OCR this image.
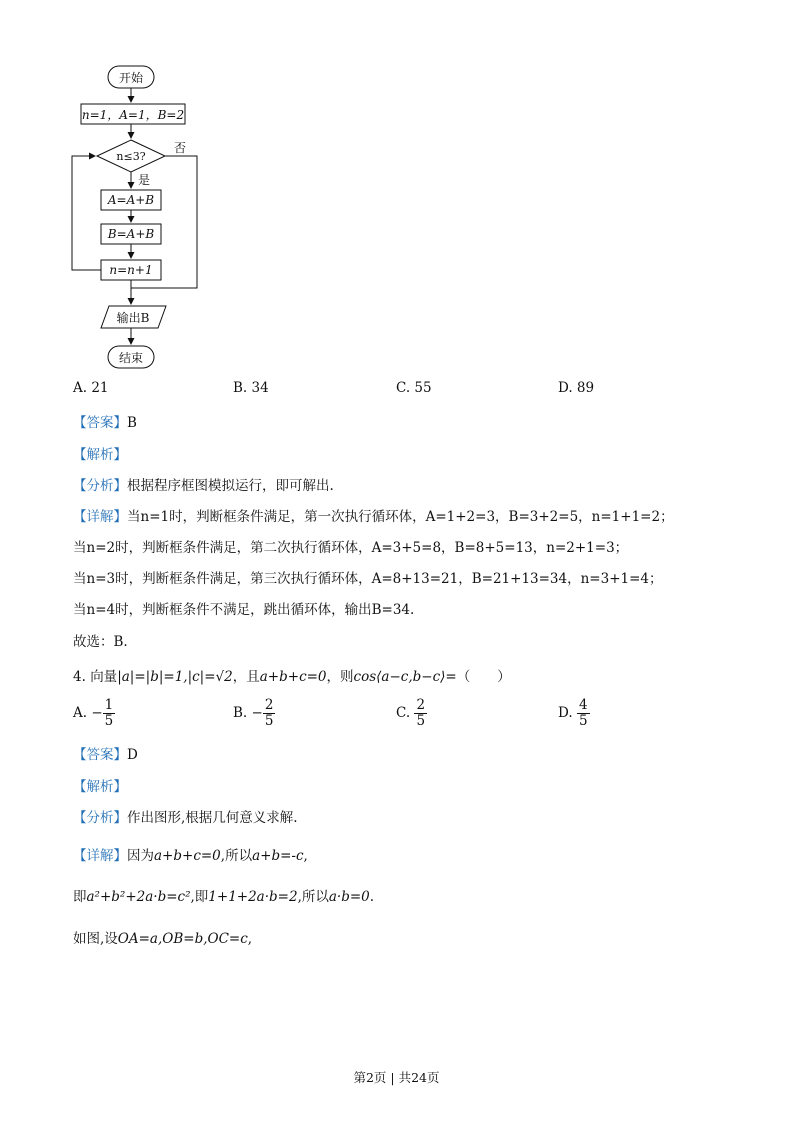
开始
n=1，A=1，B=2
n≤3?
否
是
A=A+B
B=A+B
n=n+1
输出B
结束
A. 21	B. 34	C. 55	D. 89
【答案】B
【解析】
【分析】根据程序框图模拟运行，即可解出.
【详解】当n=1时，判断框条件满足，第一次执行循环体，A=1+2=3，B=3+2=5，n=1+1=2；
当n=2时，判断框条件满足，第二次执行循环体，A=3+5=8，B=8+5=13，n=2+1=3；
当n=3时，判断框条件满足，第三次执行循环体，A=8+13=21，B=21+13=34，n=3+1=4；
当n=4时，判断框条件不满足，跳出循环体，输出B=34.
故选：B.
4. 向量|a|=|b|=1,|c|=√2，且a+b+c=0，则cos⟨a−c,b−c⟩=（　　）
A. − $\frac{1}{5}$	B. − $\frac{2}{5}$	C. $\frac{2}{5}$	D. $\frac{4}{5}$
【答案】D
【解析】
【分析】作出图形,根据几何意义求解.
【详解】因为a+b+c=0,所以a+b=-c,
即a²+b²+2a·b=c²,即1+1+2a·b=2,所以a·b=0.
如图,设OA=a,OB=b,OC=c,
第2页 | 共24页
